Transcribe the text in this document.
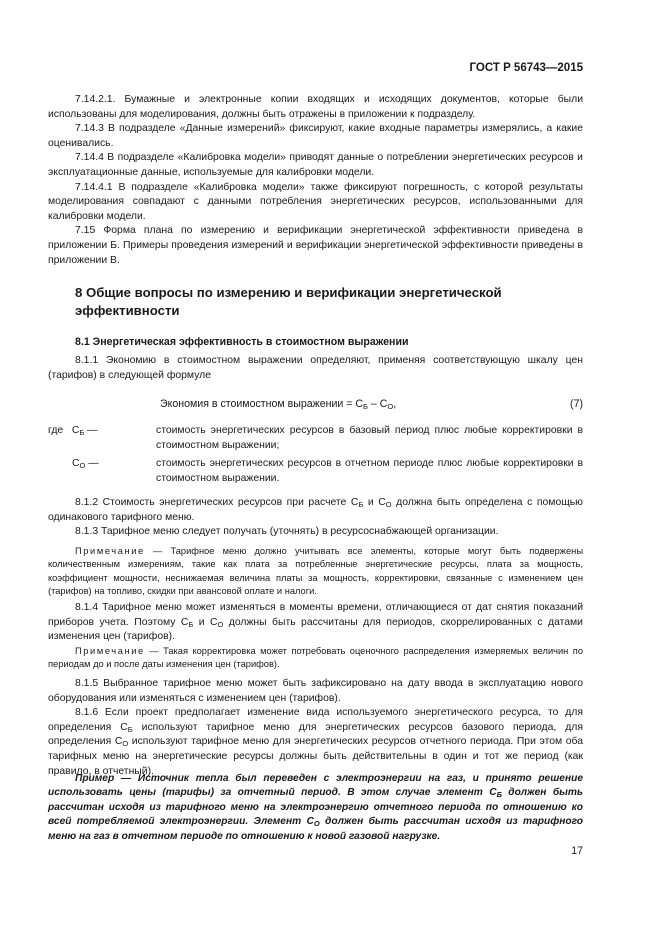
ГОСТ Р 56743—2015

7.14.2.1. Бумажные и электронные копии входящих и исходящих документов, которые были использованы для моделирования, должны быть отражены в приложении к подразделу.

7.14.3 В подразделе «Данные измерений» фиксируют, какие входные параметры измерялись, а какие оценивались.

7.14.4 В подразделе «Калибровка модели» приводят данные о потреблении энергетических ресурсов и эксплуатационные данные, используемые для калибровки модели.

7.14.4.1 В подразделе «Калибровка модели» также фиксируют погрешность, с которой результаты моделирования совпадают с данными потребления энергетических ресурсов, использованными для калибровки модели.

7.15 Форма плана по измерению и верификации энергетической эффективности приведена в приложении Б. Примеры проведения измерений и верификации энергетической эффективности приведены в приложении В.

8 Общие вопросы по измерению и верификации энергетической эффективности
8.1 Энергетическая эффективность в стоимостном выражении

8.1.1 Экономию в стоимостном выражении определяют, применяя соответствующую шкалу цен (тарифов) в следующей формуле

Экономия в стоимостном выражении = $C_Б - C_О$,	(7)
где $C_Б$ —	стоимость энергетических ресурсов в базовый период плюс любые корректировки в стоимостном выражении;
$C_О$ —	стоимость энергетических ресурсов в отчетном периоде плюс любые корректировки в стоимостном выражении.

8.1.2 Стоимость энергетических ресурсов при расчете $C_Б$ и $C_О$ должна быть определена с помощью одинакового тарифного меню.

8.1.3 Тарифное меню следует получать (уточнять) в ресурсоснабжающей организации.

Примечание — Тарифное меню должно учитывать все элементы, которые могут быть подвержены количественным измерениям, такие как плата за потребленные энергетические ресурсы, плата за мощность, коэффициент мощности, неснижаемая величина платы за мощность, корректировки, связанные с изменением цен (тарифов) на топливо, скидки при авансовой оплате и налоги.

8.1.4 Тарифное меню может изменяться в моменты времени, отличающиеся от дат снятия показаний приборов учета. Поэтому $C_Б$ и $C_О$ должны быть рассчитаны для периодов, скоррелированных с датами изменения цен (тарифов).

Примечание — Такая корректировка может потребовать оценочного распределения измеряемых величин по периодам до и после даты изменения цен (тарифов).

8.1.5 Выбранное тарифное меню может быть зафиксировано на дату ввода в эксплуатацию нового оборудования или изменяться с изменением цен (тарифов).

8.1.6 Если проект предполагает изменение вида используемого энергетического ресурса, то для определения $C_Б$ используют тарифное меню для энергетических ресурсов базового периода, для определения $C_О$ используют тарифное меню для энергетических ресурсов отчетного периода. При этом оба тарифных меню на энергетические ресурсы должны быть действительны в один и тот же период (как правило, в отчетный).

Пример — Источник тепла был переведен с электроэнергии на газ, и принято решение использовать цены (тарифы) за отчетный период. В этом случае элемент $C_Б$ должен быть рассчитан исходя из тарифного меню на электроэнергию отчетного периода по отношению ко всей потребляемой электроэнергии. Элемент $C_О$ должен быть рассчитан исходя из тарифного меню на газ в отчетном периоде по отношению к новой газовой нагрузке.

17
